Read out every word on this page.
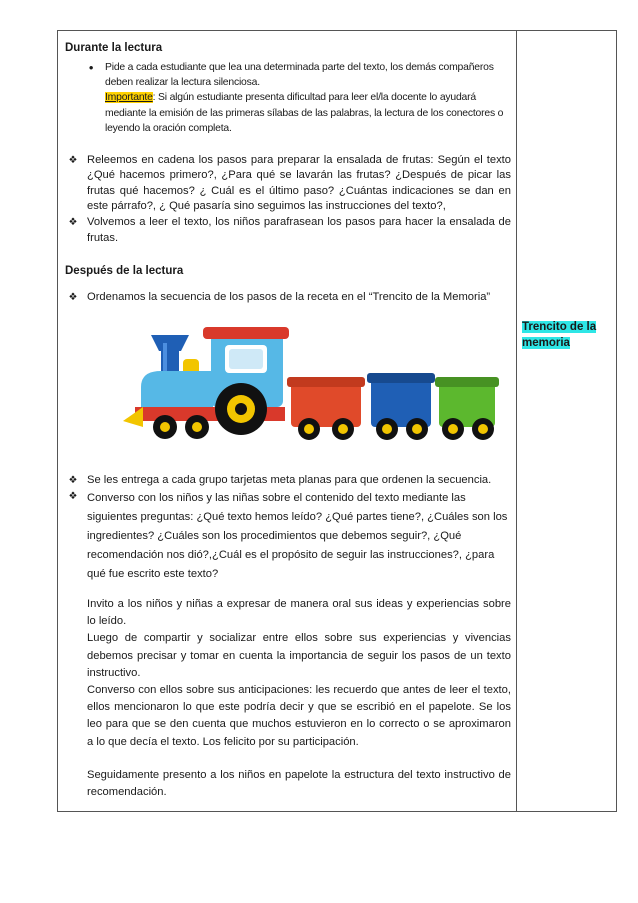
Durante la lectura

•	Pide a cada estudiante que lea una determinada parte del texto, los demás compañeros deben realizar la lectura silenciosa.

Importante: Si algún estudiante presenta dificultad para leer el/la docente lo ayudará mediante la emisión de las primeras sílabas de las palabras, la lectura de los conectores o leyendo la oración completa.

❖ Releemos en cadena los pasos para preparar la ensalada de frutas: Según el texto ¿Qué hacemos primero?, ¿Para qué se lavarán las frutas? ¿Después de picar las frutas qué hacemos? ¿ Cuál es el último paso? ¿Cuántas indicaciones se dan en este párrafo?, ¿ Qué pasaría sino seguimos las instrucciones del texto?,

❖ Volvemos a leer el texto, los niños parafrasean los pasos para hacer la ensalada de frutas.

Después de la lectura

❖ Ordenamos la secuencia de los pasos de la receta en el “Trencito de la Memoria”

❖ Se les entrega a cada grupo tarjetas meta planas para que ordenen la secuencia.

❖ Converso con los niños y las niñas sobre el contenido del texto mediante las siguientes preguntas: ¿Qué texto hemos leído? ¿Qué partes tiene?, ¿Cuáles son los ingredientes? ¿Cuáles son los procedimientos que debemos seguir?, ¿Qué recomendación nos dió?,¿Cuál es el propósito de seguir las instrucciones?, ¿para qué fue escrito este texto?

Invito a los niños y niñas a expresar de manera oral sus ideas y experiencias sobre lo leído.

Luego de compartir y socializar entre ellos sobre sus experiencias y vivencias debemos precisar y tomar en cuenta la importancia de seguir los pasos de un texto instructivo.

Converso con ellos sobre sus anticipaciones: les recuerdo que antes de leer el texto, ellos mencionaron lo que este podría decir y que se escribió en el papelote. Se los leo para que se den cuenta que muchos estuvieron en lo correcto o se aproximaron a lo que decía el texto. Los felicito por su participación.

Seguidamente presento a los niños en papelote la estructura del texto instructivo de recomendación.

Trencito de la memoria
